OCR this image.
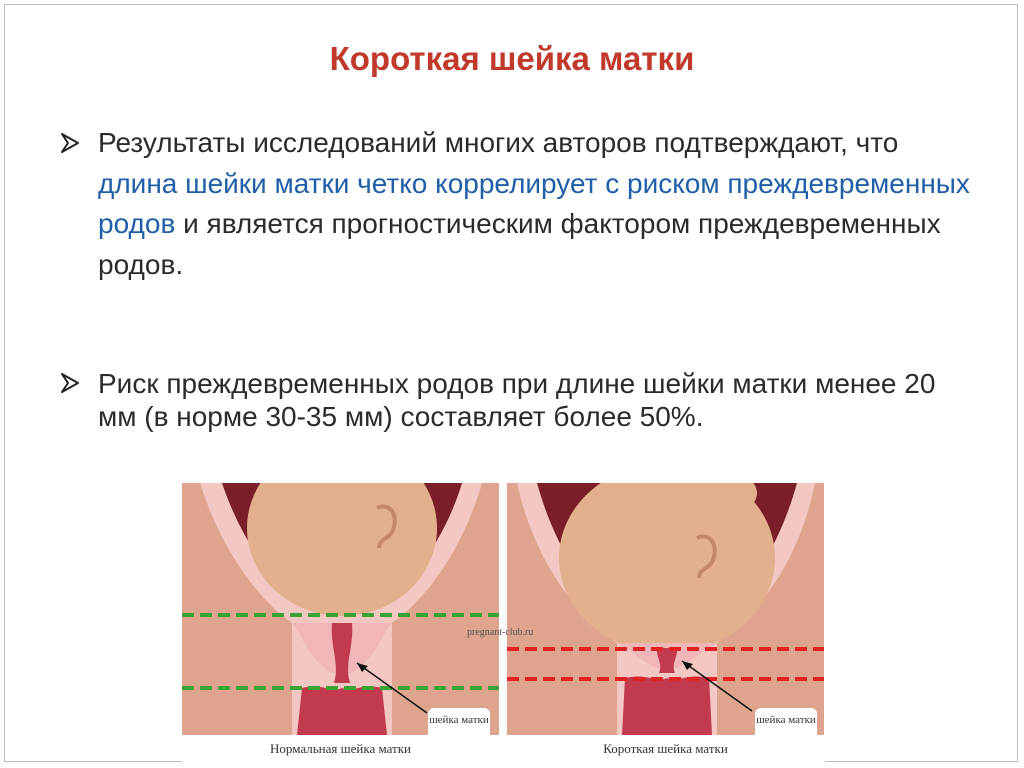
Короткая шейка матки
Результаты исследований многих авторов подтверждают, что длина шейки матки четко коррелирует с риском преждевременных родов и является прогностическим фактором преждевременных родов.
Риск преждевременных родов при длине шейки матки менее 20 мм (в норме 30-35 мм) составляет более 50%.
Нормальная шейка матки	Короткая шейка матки
pregnant-club.ru
шейка матки	шейка матки
